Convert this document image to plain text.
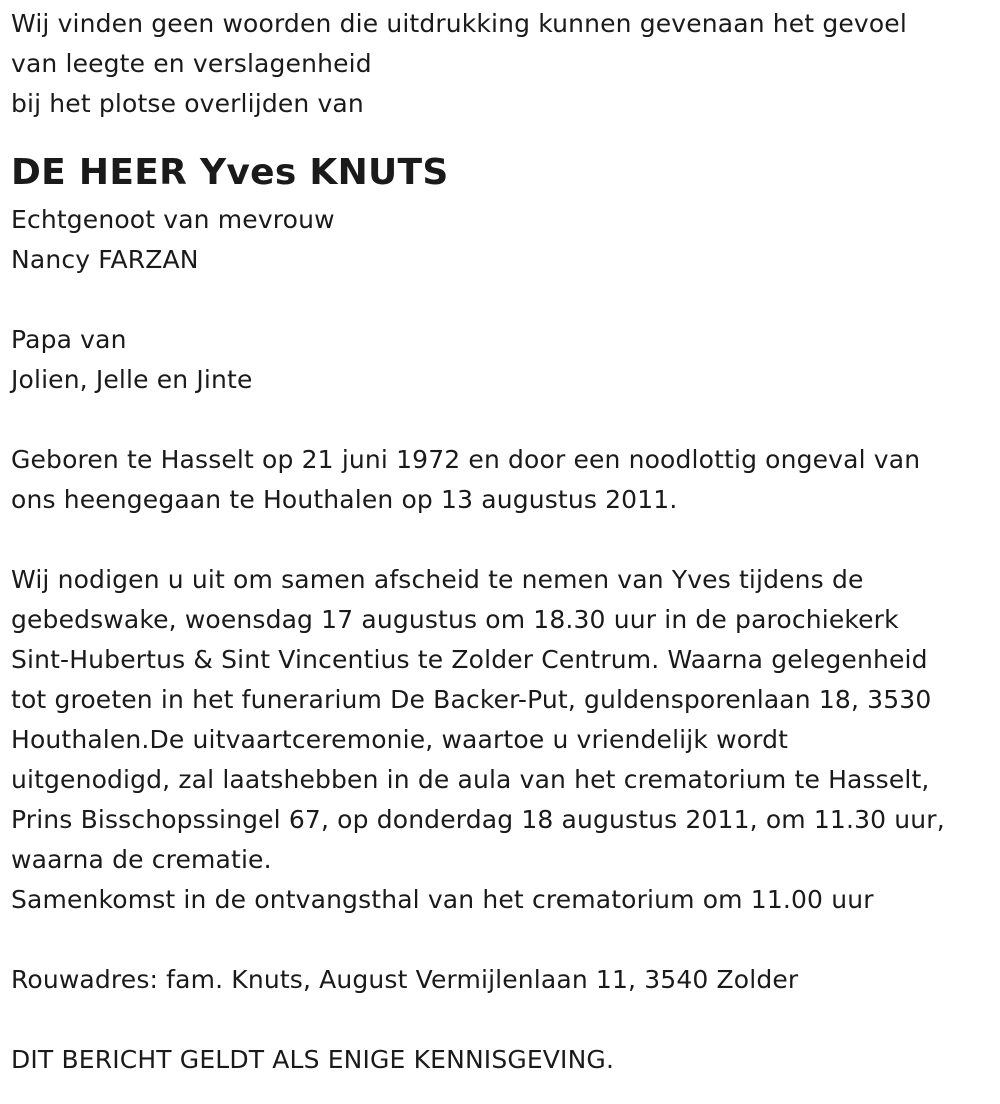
Wij vinden geen woorden die uitdrukking kunnen gevenaan het gevoel
van leegte en verslagenheid
bij het plotse overlijden van
DE HEER Yves KNUTS
Echtgenoot van mevrouw
Nancy FARZAN
Papa van
Jolien, Jelle en Jinte
Geboren te Hasselt op 21 juni 1972 en door een noodlottig ongeval van
ons heengegaan te Houthalen op 13 augustus 2011.
Wij nodigen u uit om samen afscheid te nemen van Yves tijdens de
gebedswake, woensdag 17 augustus om 18.30 uur in de parochiekerk
Sint-Hubertus & Sint Vincentius te Zolder Centrum. Waarna gelegenheid
tot groeten in het funerarium De Backer-Put, guldensporenlaan 18, 3530
Houthalen.De uitvaartceremonie, waartoe u vriendelijk wordt
uitgenodigd, zal laatshebben in de aula van het crematorium te Hasselt,
Prins Bisschopssingel 67, op donderdag 18 augustus 2011, om 11.30 uur,
waarna de crematie.
Samenkomst in de ontvangsthal van het crematorium om 11.00 uur
Rouwadres: fam. Knuts, August Vermijlenlaan 11, 3540 Zolder
DIT BERICHT GELDT ALS ENIGE KENNISGEVING.
